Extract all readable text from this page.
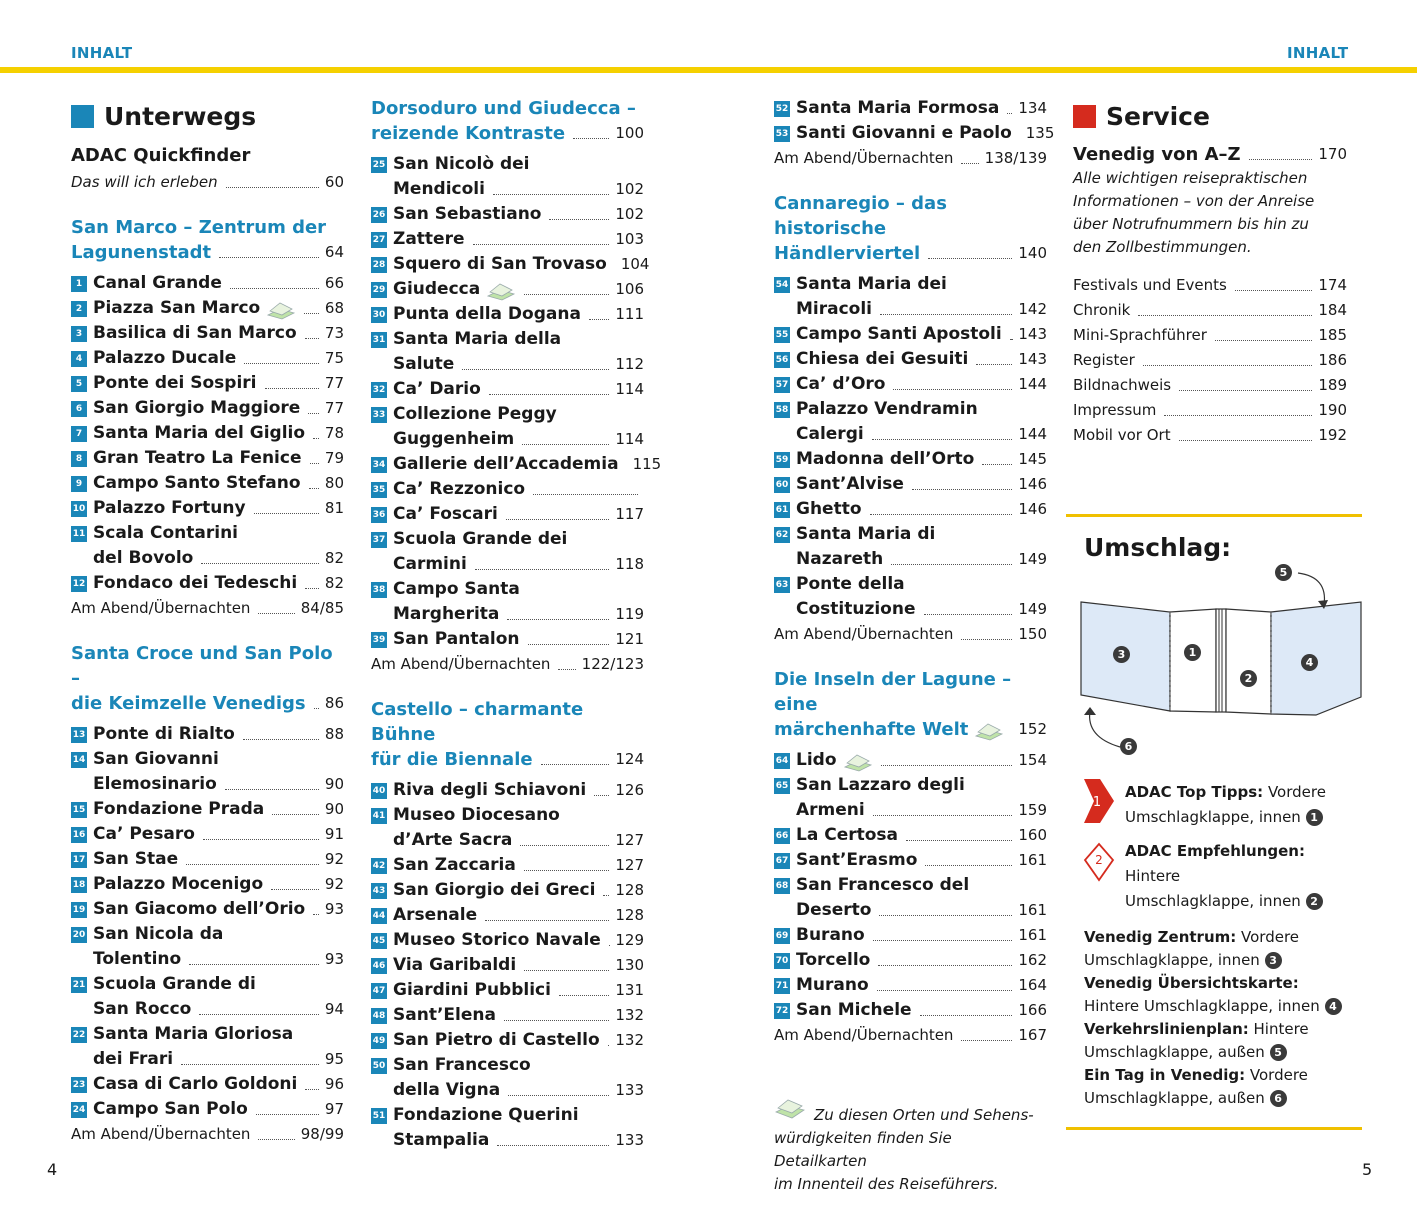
INHALT	INHALT
Unterwegs
ADAC Quickfinder
Das will ich erleben	60
San Marco – Zentrum der
Lagunenstadt	64
1 Canal Grande	66
2 Piazza San Marco	68
3 Basilica di San Marco 73
4 Palazzo Ducale	75
5 Ponte dei Sospiri	77
6 San Giorgio Maggiore 77
7 Santa Maria del Giglio 78
8 Gran Teatro La Fenice 79
9 Campo Santo Stefano 80
10 Palazzo Fortuny	81
11 Scala Contarini
del Bovolo	82
12 Fondaco dei Tedeschi 82
Am Abend/Übernachten	84/85
Santa Croce und San Polo –
die Keimzelle Venedigs 86
13 Ponte di Rialto	88
14 San Giovanni
Elemosinario	90
15 Fondazione Prada	90
16 Ca’ Pesaro	91
17 San Stae	92
18 Palazzo Mocenigo	92
19 San Giacomo dell’Orio 93
20 San Nicola da
Tolentino	93
21 Scuola Grande di
San Rocco	94
22 Santa Maria Gloriosa
dei Frari	95
23 Casa di Carlo Goldoni 96
24 Campo San Polo	97
Am Abend/Übernachten	98/99
Dorsoduro und Giudecca –
reizende Kontraste	100
25 San Nicolò dei
Mendicoli	102
26 San Sebastiano	102
27 Zattere	103
28 Squero di San Trovaso 104
29 Giudecca	106
30 Punta della Dogana 111
31 Santa Maria della
Salute	112
32 Ca’ Dario	114
33 Collezione Peggy
Guggenheim	114
34 Gallerie dell’Accademia 115
35 Ca’ Rezzonico
36 Ca’ Foscari	117
37 Scuola Grande dei
Carmini	118
38 Campo Santa
Margherita	119
39 San Pantalon	121
Am Abend/Übernachten 122/123
Castello – charmante Bühne
für die Biennale	124
40 Riva degli Schiavoni 126
41 Museo Diocesano
d’Arte Sacra	127
42 San Zaccaria	127
43 San Giorgio dei Greci 128
44 Arsenale	128
45 Museo Storico Navale 129
46 Via Garibaldi	130
47 Giardini Pubblici	131
48 Sant’Elena	132
49 San Pietro di Castello 132
50 San Francesco
della Vigna	133
51 Fondazione Querini
Stampalia	133
52 Santa Maria Formosa 134
53 Santi Giovanni e Paolo 135
Am Abend/Übernachten 138/139
Cannaregio – das historische
Händlerviertel	140
54 Santa Maria dei
Miracoli	142
55 Campo Santi Apostoli 143
56 Chiesa dei Gesuiti	143
57 Ca’ d’Oro	144
58 Palazzo Vendramin
Calergi	144
59 Madonna dell’Orto	145
60 Sant’Alvise	146
61 Ghetto	146
62 Santa Maria di
Nazareth	149
63 Ponte della
Costituzione	149
Am Abend/Übernachten	150
Die Inseln der Lagune – eine
märchenhafte Welt	152
64 Lido	154
65 San Lazzaro degli
Armeni	159
66 La Certosa	160
67 Sant’Erasmo	161
68 San Francesco del
Deserto	161
69 Burano	161
70 Torcello	162
71 Murano	164
72 San Michele	166
Am Abend/Übernachten	167
Zu diesen Orten und Sehens-
würdigkeiten finden Sie Detailkarten
im Innenteil des Reiseführers.
Service
Venedig von A–Z	170
Alle wichtigen reisepraktischen
Informationen – von der Anreise
über Notrufnummern bis hin zu
den Zollbestimmungen.
Festivals und Events	174
Chronik	184
Mini-Sprachführer	185
Register	186
Bildnachweis	189
Impressum	190
Mobil vor Ort	192
Umschlag:
5
3	1
2
4
6
1
ADAC Top Tipps: Vordere
Umschlagklappe, innen 1
2 ADAC Empfehlungen: Hintere
Umschlagklappe, innen 2
Venedig Zentrum: Vordere
Umschlagklappe, innen 3
Venedig Übersichtskarte:
Hintere Umschlagklappe, innen 4
Verkehrslinienplan: Hintere
Umschlagklappe, außen 5
Ein Tag in Venedig: Vordere
Umschlagklappe, außen 6
4	5
